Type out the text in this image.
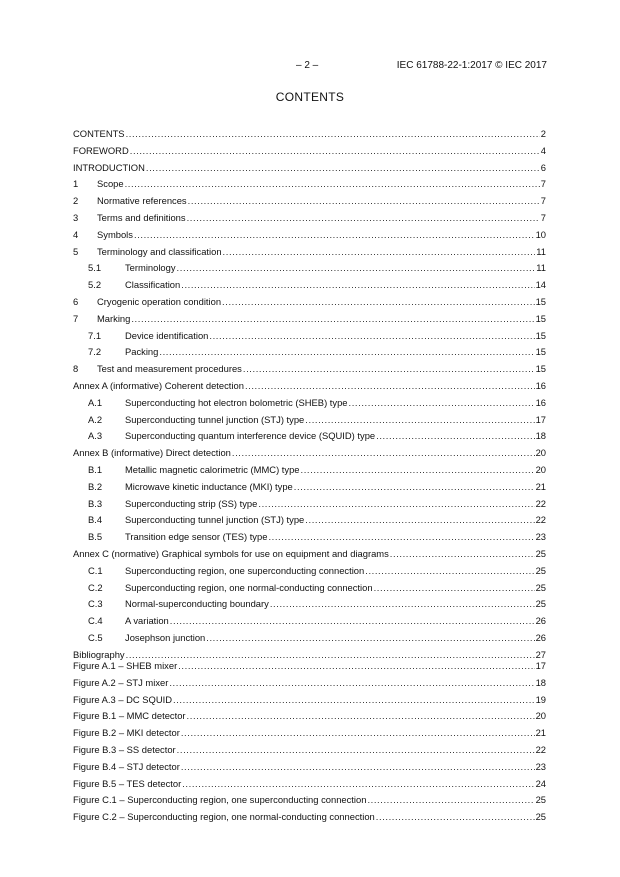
– 2 –	IEC 61788-22-1:2017 © IEC 2017
CONTENTS
CONTENTS .....	2
FOREWORD .....	4
INTRODUCTION .....	6
1	Scope .....	7
2	Normative references .....	7
3	Terms and definitions .....	7
4	Symbols .....	10
5	Terminology and classification .....	11
5.1	Terminology .....	11
5.2	Classification .....	14
6	Cryogenic operation condition .....	15
7	Marking .....	15
7.1	Device identification .....	15
7.2	Packing .....	15
8	Test and measurement procedures .....	15
Annex A (informative) Coherent detection .....	16
A.1	Superconducting hot electron bolometric (SHEB) type .....	16
A.2	Superconducting tunnel junction (STJ) type .....	17
A.3	Superconducting quantum interference device (SQUID) type .....	18
Annex B (informative) Direct detection .....	20
B.1	Metallic magnetic calorimetric (MMC) type .....	20
B.2	Microwave kinetic inductance (MKI) type .....	21
B.3	Superconducting strip (SS) type .....	22
B.4	Superconducting tunnel junction (STJ) type .....	22
B.5	Transition edge sensor (TES) type .....	23
Annex C (normative) Graphical symbols for use on equipment and diagrams .....	25
C.1	Superconducting region, one superconducting connection .....	25
C.2	Superconducting region, one normal-conducting connection .....	25
C.3	Normal-superconducting boundary .....	25
C.4	A variation .....	26
C.5	Josephson junction .....	26
Bibliography .....	27
Figure A.1 – SHEB mixer .....	17
Figure A.2 – STJ mixer .....	18
Figure A.3 – DC SQUID .....	19
Figure B.1 – MMC detector .....	20
Figure B.2 – MKI detector .....	21
Figure B.3 – SS detector .....	22
Figure B.4 – STJ detector .....	23
Figure B.5 – TES detector .....	24
Figure C.1 – Superconducting region, one superconducting connection .....	25
Figure C.2 – Superconducting region, one normal-conducting connection .....	25
